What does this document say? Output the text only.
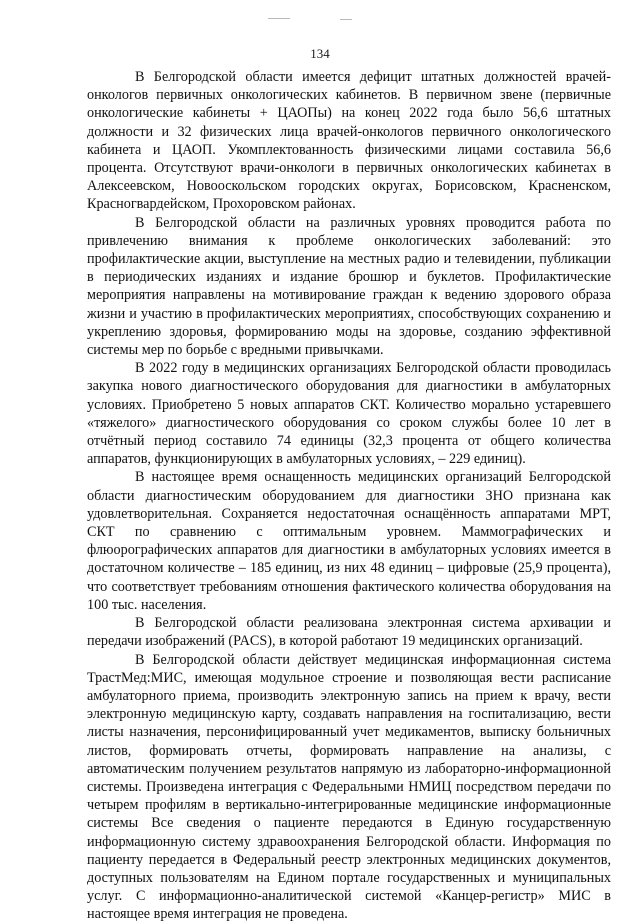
134

В Белгородской области имеется дефицит штатных должностей врачей-онкологов первичных онкологических кабинетов. В первичном звене (первичные онкологические кабинеты + ЦАОПы) на конец 2022 года было 56,6 штатных должности и 32 физических лица врачей-онкологов первичного онкологического кабинета и ЦАОП. Укомплектованность физическими лицами составила 56,6 процента. Отсутствуют врачи-онкологи в первичных онкологических кабинетах в Алексеевском, Новооскольском городских округах, Борисовском, Красненском, Красногвардейском, Прохоровском районах.

В Белгородской области на различных уровнях проводится работа по привлечению внимания к проблеме онкологических заболеваний: это профилактические акции, выступление на местных радио и телевидении, публикации в периодических изданиях и издание брошюр и буклетов. Профилактические мероприятия направлены на мотивирование граждан к ведению здорового образа жизни и участию в профилактических мероприятиях, способствующих сохранению и укреплению здоровья, формированию моды на здоровье, созданию эффективной системы мер по борьбе с вредными привычками.

В 2022 году в медицинских организациях Белгородской области проводилась закупка нового диагностического оборудования для диагностики в амбулаторных условиях. Приобретено 5 новых аппаратов СКТ. Количество морально устаревшего «тяжелого» диагностического оборудования со сроком службы более 10 лет в отчётный период составило 74 единицы (32,3 процента от общего количества аппаратов, функционирующих в амбулаторных условиях, – 229 единиц).

В настоящее время оснащенность медицинских организаций Белгородской области диагностическим оборудованием для диагностики ЗНО признана как удовлетворительная. Сохраняется недостаточная оснащённость аппаратами МРТ, СКТ по сравнению с оптимальным уровнем. Маммографических и флюорографических аппаратов для диагностики в амбулаторных условиях имеется в достаточном количестве – 185 единиц, из них 48 единиц – цифровые (25,9 процента), что соответствует требованиям отношения фактического количества оборудования на 100 тыс. населения.

В Белгородской области реализована электронная система архивации и передачи изображений (PACS), в которой работают 19 медицинских организаций.

В Белгородской области действует медицинская информационная система ТрастМед:МИС, имеющая модульное строение и позволяющая вести расписание амбулаторного приема, производить электронную запись на прием к врачу, вести электронную медицинскую карту, создавать направления на госпитализацию, вести листы назначения, персонифицированный учет медикаментов, выписку больничных листов, формировать отчеты, формировать направление на анализы, с автоматическим получением результатов напрямую из лабораторно-информационной системы. Произведена интеграция с Федеральными НМИЦ посредством передачи по четырем профилям в вертикально-интегрированные медицинские информационные системы Все сведения о пациенте передаются в Единую государственную информационную систему здравоохранения Белгородской области. Информация по пациенту передается в Федеральный реестр электронных медицинских документов, доступных пользователям на Едином портале государственных и муниципальных услуг. С информационно-аналитической системой «Канцер-регистр» МИС в настоящее время интеграция не проведена.
